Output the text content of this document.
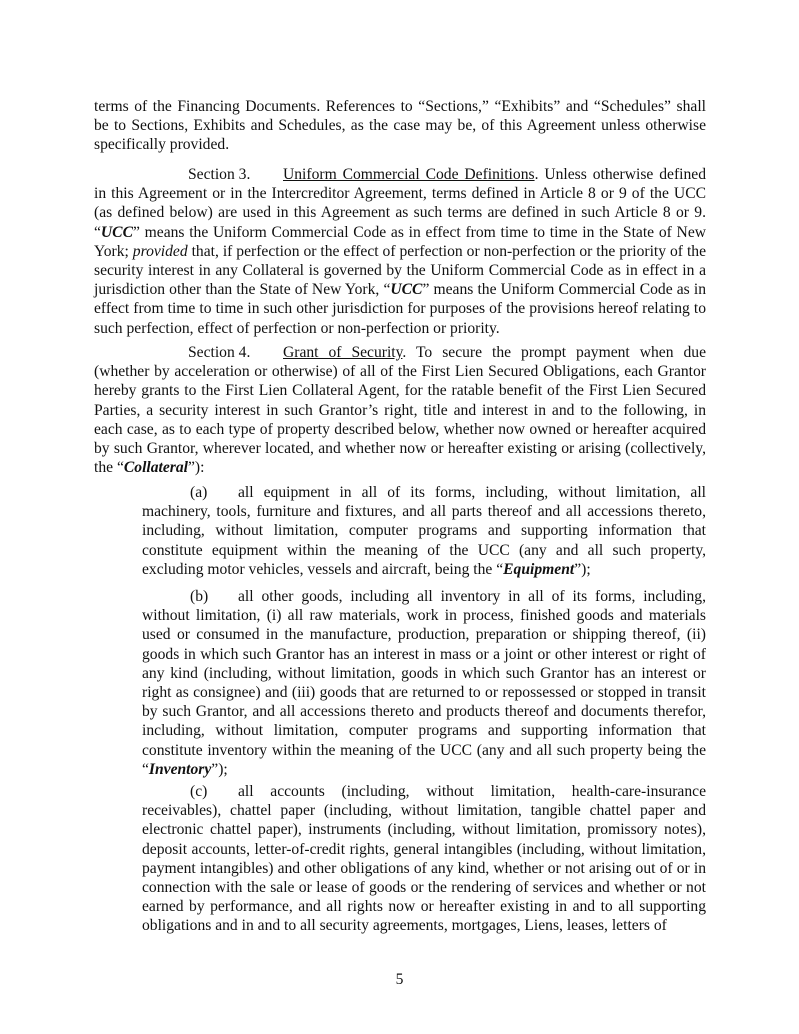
terms of the Financing Documents. References to “Sections,” “Exhibits” and “Schedules” shall be to Sections, Exhibits and Schedules, as the case may be, of this Agreement unless otherwise specifically provided.

Section 3. Uniform Commercial Code Definitions. Unless otherwise defined in this Agreement or in the Intercreditor Agreement, terms defined in Article 8 or 9 of the UCC (as defined below) are used in this Agreement as such terms are defined in such Article 8 or 9. “UCC” means the Uniform Commercial Code as in effect from time to time in the State of New York; provided that, if perfection or the effect of perfection or non-perfection or the priority of the security interest in any Collateral is governed by the Uniform Commercial Code as in effect in a jurisdiction other than the State of New York, “UCC” means the Uniform Commercial Code as in effect from time to time in such other jurisdiction for purposes of the provisions hereof relating to such perfection, effect of perfection or non-perfection or priority.

Section 4. Grant of Security. To secure the prompt payment when due (whether by acceleration or otherwise) of all of the First Lien Secured Obligations, each Grantor hereby grants to the First Lien Collateral Agent, for the ratable benefit of the First Lien Secured Parties, a security interest in such Grantor’s right, title and interest in and to the following, in each case, as to each type of property described below, whether now owned or hereafter acquired by such Grantor, wherever located, and whether now or hereafter existing or arising (collectively, the “Collateral”):

(a) all equipment in all of its forms, including, without limitation, all machinery, tools, furniture and fixtures, and all parts thereof and all accessions thereto, including, without limitation, computer programs and supporting information that constitute equipment within the meaning of the UCC (any and all such property, excluding motor vehicles, vessels and aircraft, being the “Equipment”);

(b) all other goods, including all inventory in all of its forms, including, without limitation, (i) all raw materials, work in process, finished goods and materials used or consumed in the manufacture, production, preparation or shipping thereof, (ii) goods in which such Grantor has an interest in mass or a joint or other interest or right of any kind (including, without limitation, goods in which such Grantor has an interest or right as consignee) and (iii) goods that are returned to or repossessed or stopped in transit by such Grantor, and all accessions thereto and products thereof and documents therefor, including, without limitation, computer programs and supporting information that constitute inventory within the meaning of the UCC (any and all such property being the “Inventory”);

(c) all accounts (including, without limitation, health-care-insurance receivables), chattel paper (including, without limitation, tangible chattel paper and electronic chattel paper), instruments (including, without limitation, promissory notes), deposit accounts, letter-of-credit rights, general intangibles (including, without limitation, payment intangibles) and other obligations of any kind, whether or not arising out of or in connection with the sale or lease of goods or the rendering of services and whether or not earned by performance, and all rights now or hereafter existing in and to all supporting obligations and in and to all security agreements, mortgages, Liens, leases, letters of

5
